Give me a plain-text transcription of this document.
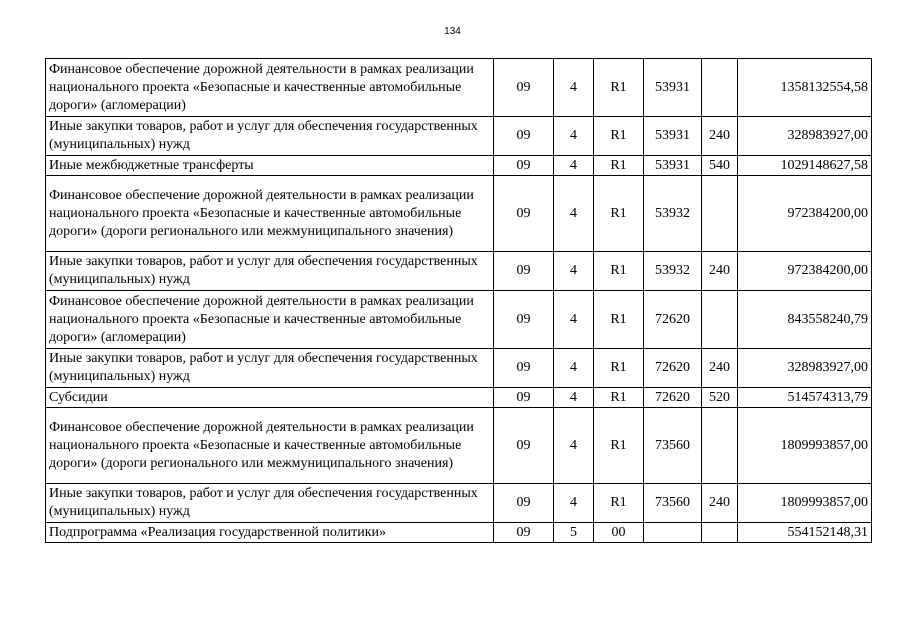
134
Финансовое обеспечение дорожной деятельности в рамках реализации национального проекта «Безопасные и качественные автомобильные дороги» (агломерации)	09	4	R1	53931		1358132554,58
Иные закупки товаров, работ и услуг для обеспечения государственных (муниципальных) нужд	09	4	R1	53931	240	328983927,00
Иные межбюджетные трансферты	09	4	R1	53931	540	1029148627,58
Финансовое обеспечение дорожной деятельности в рамках реализации национального проекта «Безопасные и качественные автомобильные дороги» (дороги регионального или межмуниципального значения)	09	4	R1	53932		972384200,00
Иные закупки товаров, работ и услуг для обеспечения государственных (муниципальных) нужд	09	4	R1	53932	240	972384200,00
Финансовое обеспечение дорожной деятельности в рамках реализации национального проекта «Безопасные и качественные автомобильные дороги» (агломерации)	09	4	R1	72620		843558240,79
Иные закупки товаров, работ и услуг для обеспечения государственных (муниципальных) нужд	09	4	R1	72620	240	328983927,00
Субсидии	09	4	R1	72620	520	514574313,79
Финансовое обеспечение дорожной деятельности в рамках реализации национального проекта «Безопасные и качественные автомобильные дороги» (дороги регионального или межмуниципального значения)	09	4	R1	73560		1809993857,00
Иные закупки товаров, работ и услуг для обеспечения государственных (муниципальных) нужд	09	4	R1	73560	240	1809993857,00
Подпрограмма «Реализация государственной политики»	09	5	00			554152148,31
